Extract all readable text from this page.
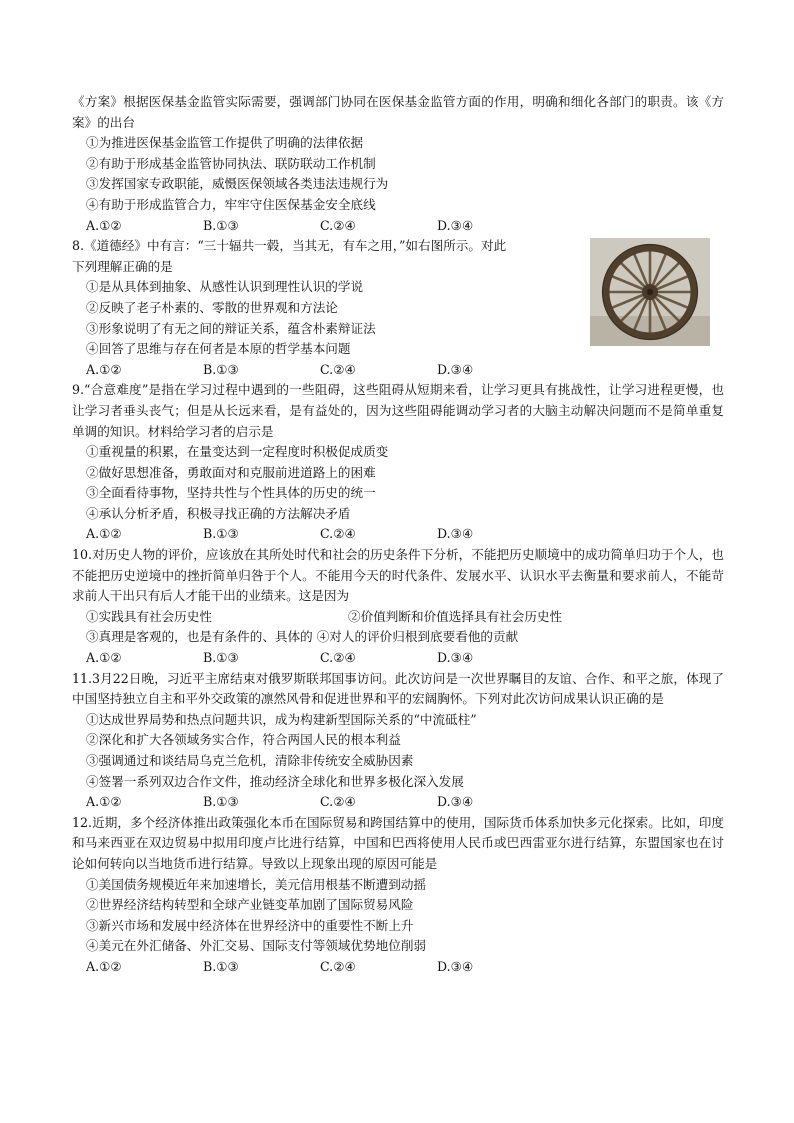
《方案》根据医保基金监管实际需要，强调部门协同在医保基金监管方面的作用，明确和细化各部门的职责。该《方案》的出台

①为推进医保基金监管工作提供了明确的法律依据
②有助于形成基金监管协同执法、联防联动工作机制
③发挥国家专政职能，威慑医保领域各类违法违规行为
④有助于形成监管合力，牢牢守住医保基金安全底线
A.①②	B.①③	C.②④	D.③④
8.《道德经》中有言：“三十辐共一毂，当其无，有车之用，”如右图所示。对此
下列理解正确的是
①是从具体到抽象、从感性认识到理性认识的学说
②反映了老子朴素的、零散的世界观和方法论
③形象说明了有无之间的辩证关系，蕴含朴素辩证法
④回答了思维与存在何者是本原的哲学基本问题
A.①②	B.①③	C.②④	D.③④

9.“合意难度”是指在学习过程中遇到的一些阻碍，这些阻碍从短期来看，让学习更具有挑战性，让学习进程更慢，也让学习者垂头丧气；但是从长远来看，是有益处的，因为这些阻碍能调动学习者的大脑主动解决问题而不是简单重复单调的知识。材料给学习者的启示是

①重视量的积累，在量变达到一定程度时积极促成质变
②做好思想准备，勇敢面对和克服前进道路上的困难
③全面看待事物，坚持共性与个性具体的历史的统一
④承认分析矛盾，积极寻找正确的方法解决矛盾
A.①②	B.①③	C.②④	D.③④

10.对历史人物的评价，应该放在其所处时代和社会的历史条件下分析，不能把历史顺境中的成功简单归功于个人，也不能把历史逆境中的挫折简单归咎于个人。不能用今天的时代条件、发展水平、认识水平去衡量和要求前人，不能苛求前人干出只有后人才能干出的业绩来。这是因为

①实践具有社会历史性	②价值判断和价值选择具有社会历史性
③真理是客观的，也是有条件的、具体的 ④对人的评价归根到底要看他的贡献
A.①②	B.①③	C.②④	D.③④

11.3月22日晚，习近平主席结束对俄罗斯联邦国事访问。此次访问是一次世界瞩目的友谊、合作、和平之旅，体现了中国坚持独立自主和平外交政策的凛然风骨和促进世界和平的宏阔胸怀。下列对此次访问成果认识正确的是

①达成世界局势和热点问题共识，成为构建新型国际关系的“中流砥柱”
②深化和扩大各领域务实合作，符合两国人民的根本利益
③强调通过和谈结局乌克兰危机，清除非传统安全威胁因素
④签署一系列双边合作文件，推动经济全球化和世界多极化深入发展
A.①②	B.①③	C.②④	D.③④

12.近期，多个经济体推出政策强化本币在国际贸易和跨国结算中的使用，国际货币体系加快多元化探索。比如，印度和马来西亚在双边贸易中拟用印度卢比进行结算，中国和巴西将使用人民币或巴西雷亚尔进行结算，东盟国家也在讨论如何转向以当地货币进行结算。导致以上现象出现的原因可能是

①美国债务规模近年来加速增长，美元信用根基不断遭到动摇
②世界经济结构转型和全球产业链变革加剧了国际贸易风险
③新兴市场和发展中经济体在世界经济中的重要性不断上升
④美元在外汇储备、外汇交易、国际支付等领域优势地位削弱
A.①②	B.①③	C.②④	D.③④
